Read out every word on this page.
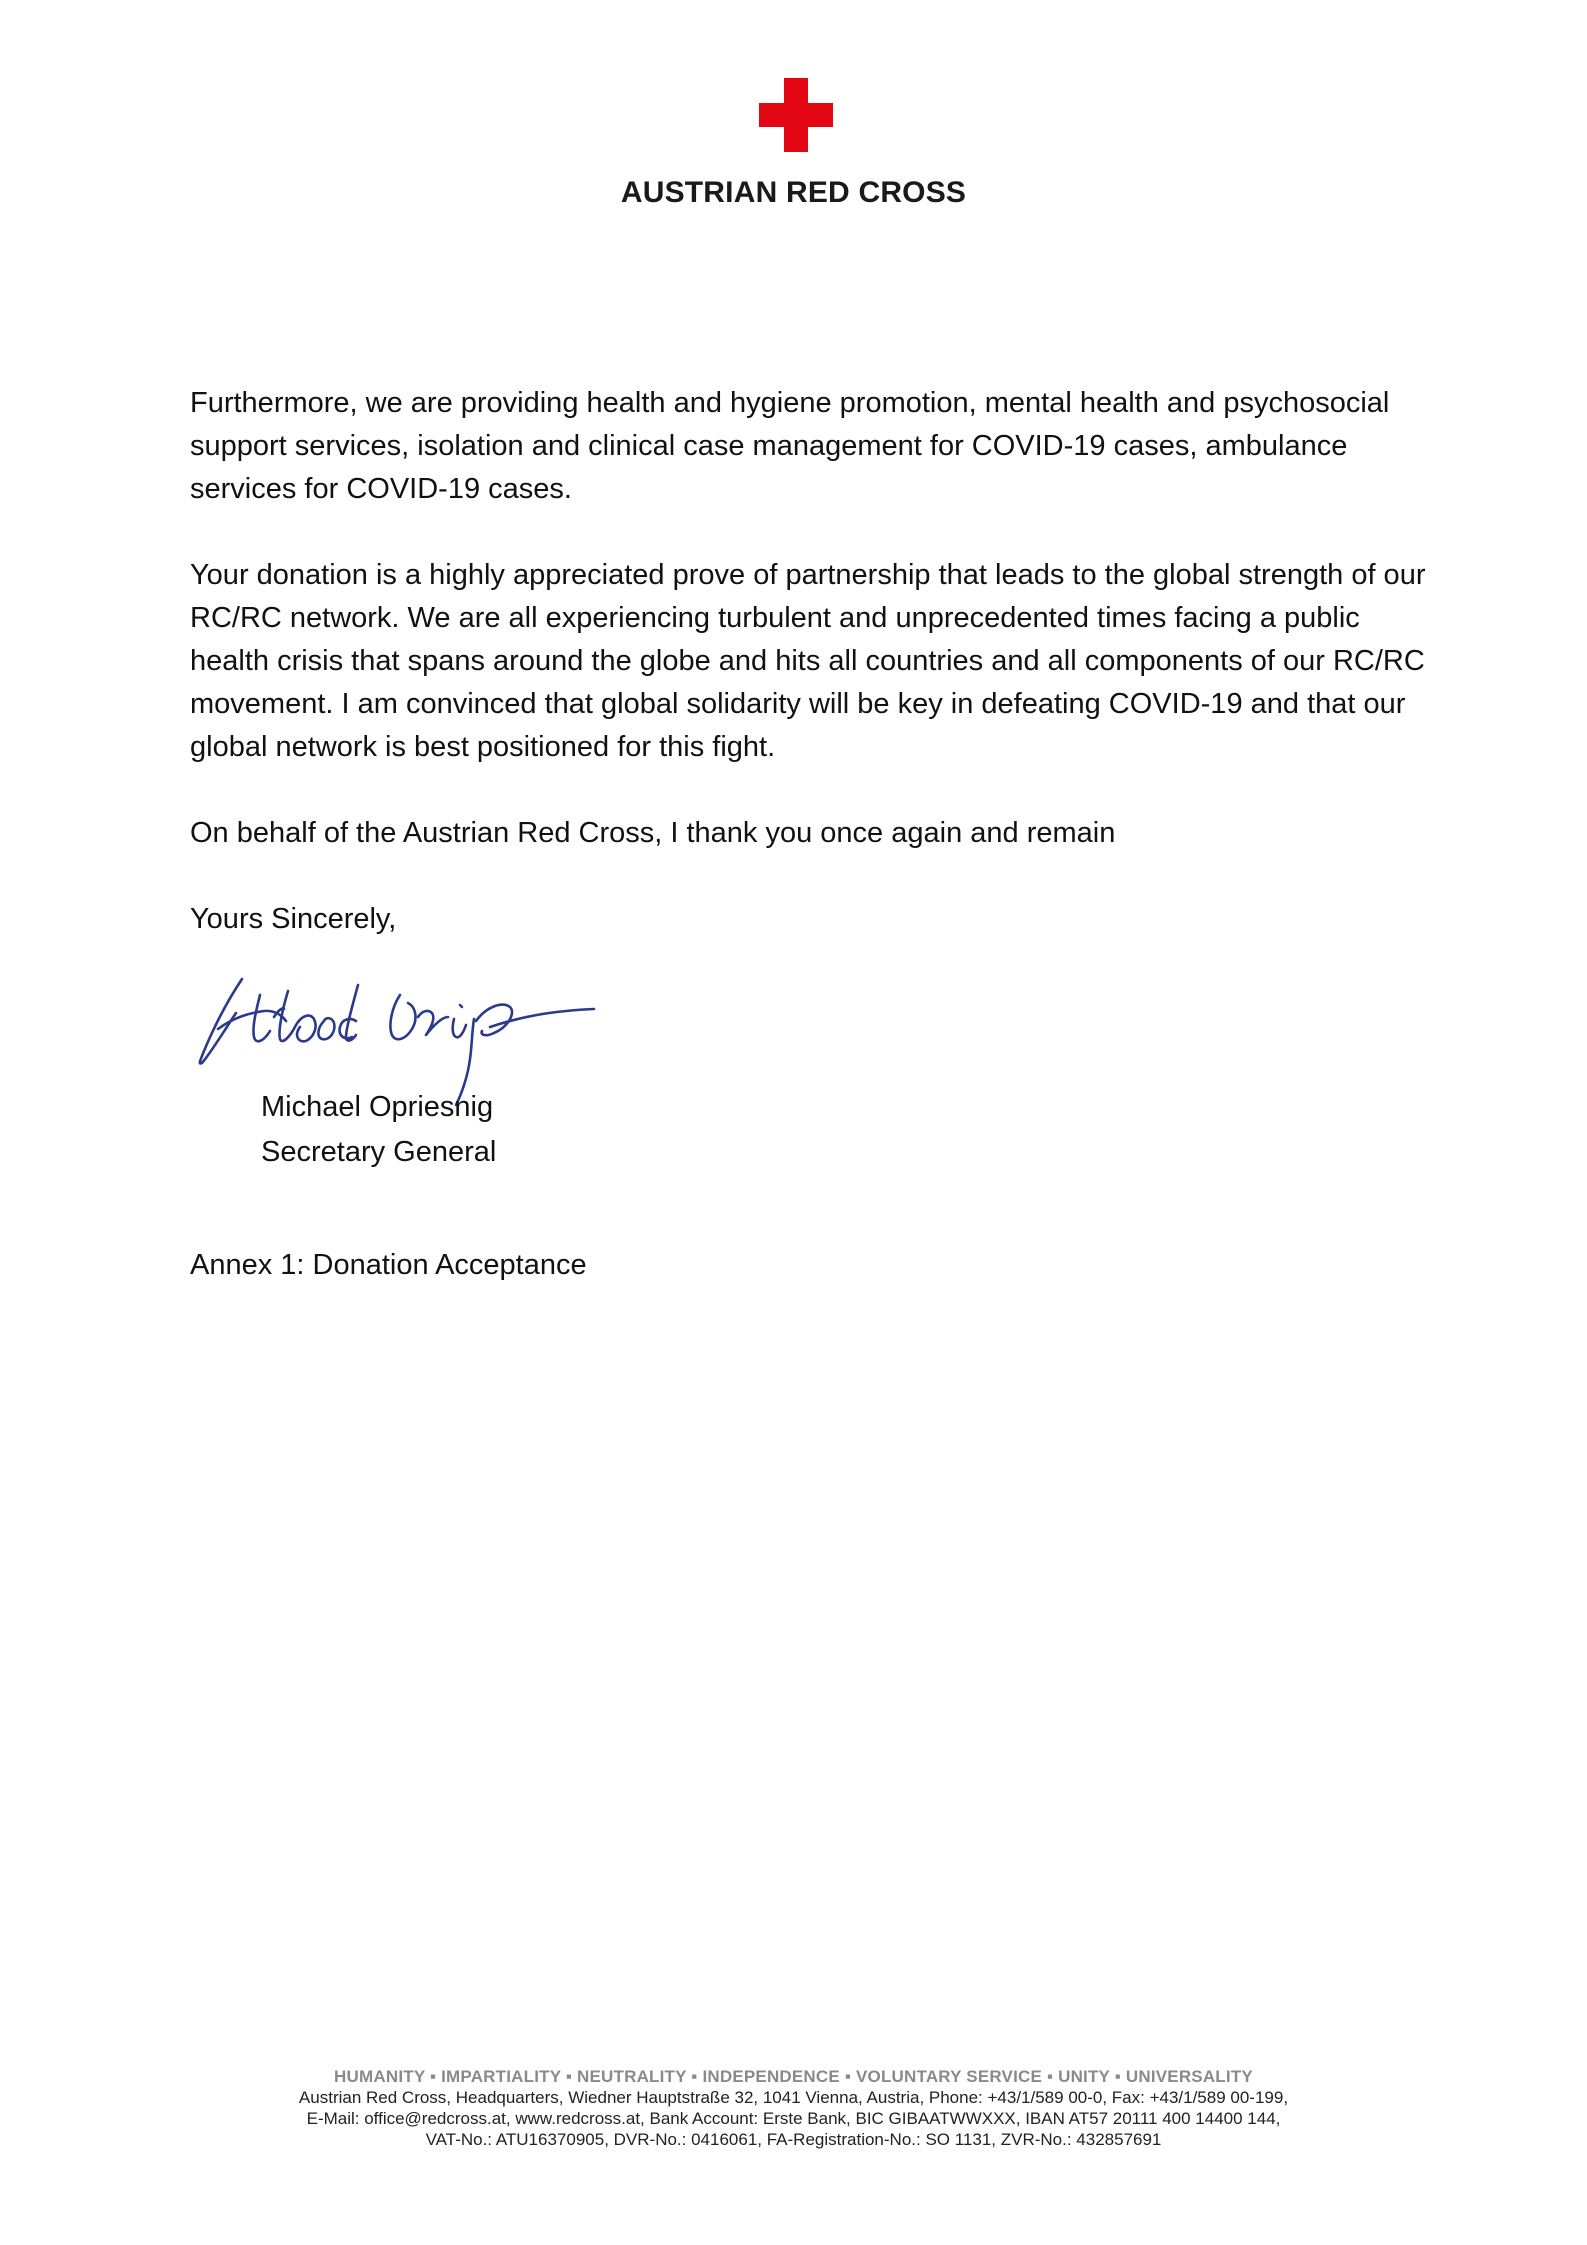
AUSTRIAN RED CROSS

Furthermore, we are providing health and hygiene promotion, mental health and psychosocial support services, isolation and clinical case management for COVID-19 cases, ambulance services for COVID-19 cases.

Your donation is a highly appreciated prove of partnership that leads to the global strength of our RC/RC network. We are all experiencing turbulent and unprecedented times facing a public health crisis that spans around the globe and hits all countries and all components of our RC/RC movement. I am convinced that global solidarity will be key in defeating COVID-19 and that our global network is best positioned for this fight.

On behalf of the Austrian Red Cross, I thank you once again and remain

Yours Sincerely,

Michael Opriesnig
Secretary General
Annex 1: Donation Acceptance
HUMANITY ▪ IMPARTIALITY ▪ NEUTRALITY ▪ INDEPENDENCE ▪ VOLUNTARY SERVICE ▪ UNITY ▪ UNIVERSALITY
Austrian Red Cross, Headquarters, Wiedner Hauptstraße 32, 1041 Vienna, Austria, Phone: +43/1/589 00-0, Fax: +43/1/589 00-199,
E-Mail: office@redcross.at, www.redcross.at, Bank Account: Erste Bank, BIC GIBAATWWXXX, IBAN AT57 20111 400 14400 144,
VAT-No.: ATU16370905, DVR-No.: 0416061, FA-Registration-No.: SO 1131, ZVR-No.: 432857691
